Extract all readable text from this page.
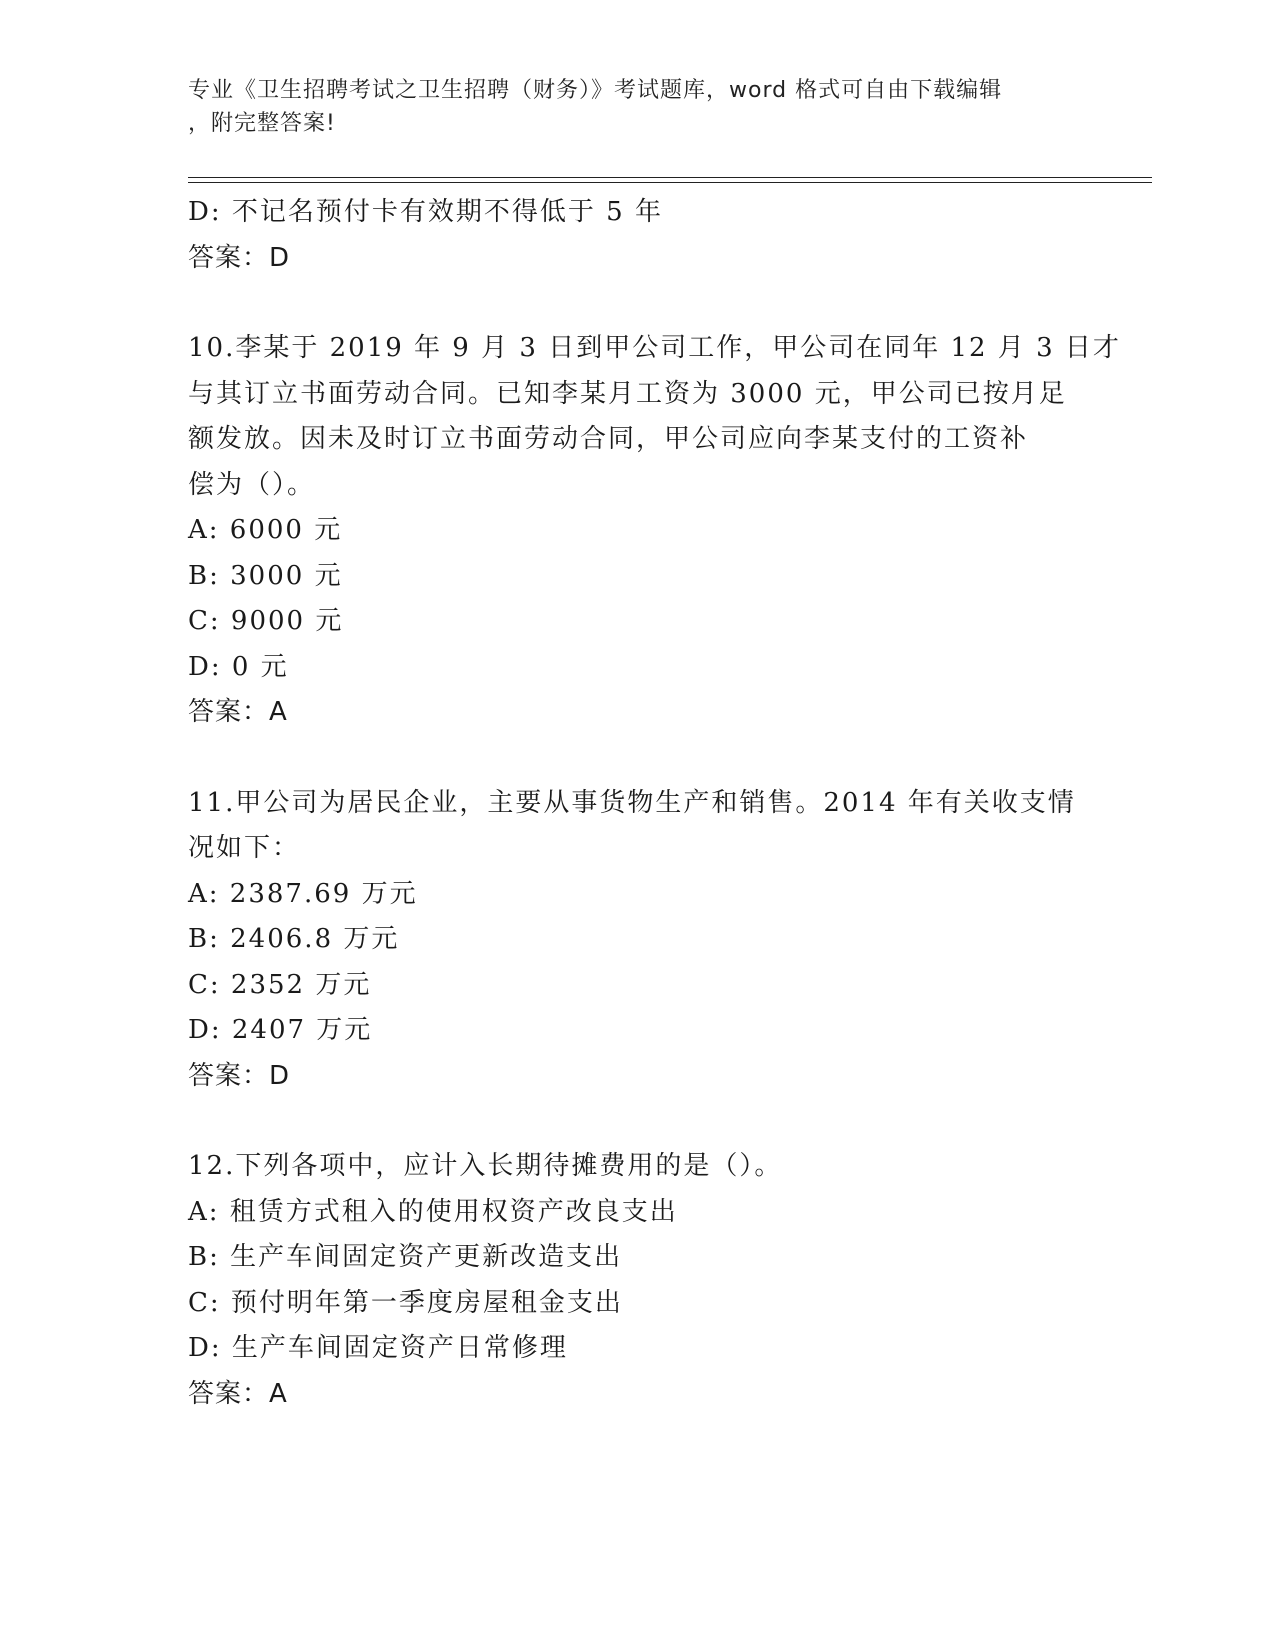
专业《卫生招聘考试之卫生招聘（财务）》考试题库，word 格式可自由下载编辑
，附完整答案!
D: 不记名预付卡有效期不得低于 5 年
答案：D
10.李某于 2019 年 9 月 3 日到甲公司工作，甲公司在同年 12 月 3 日才
与其订立书面劳动合同。已知李某月工资为 3000 元，甲公司已按月足
额发放。因未及时订立书面劳动合同，甲公司应向李某支付的工资补
偿为（）。
A: 6000 元
B: 3000 元
C: 9000 元
D: 0 元
答案：A
11.甲公司为居民企业，主要从事货物生产和销售。2014 年有关收支情
况如下：
A: 2387.69 万元
B: 2406.8 万元
C: 2352 万元
D: 2407 万元
答案：D
12.下列各项中，应计入长期待摊费用的是（）。
A: 租赁方式租入的使用权资产改良支出
B: 生产车间固定资产更新改造支出
C: 预付明年第一季度房屋租金支出
D: 生产车间固定资产日常修理
答案：A
